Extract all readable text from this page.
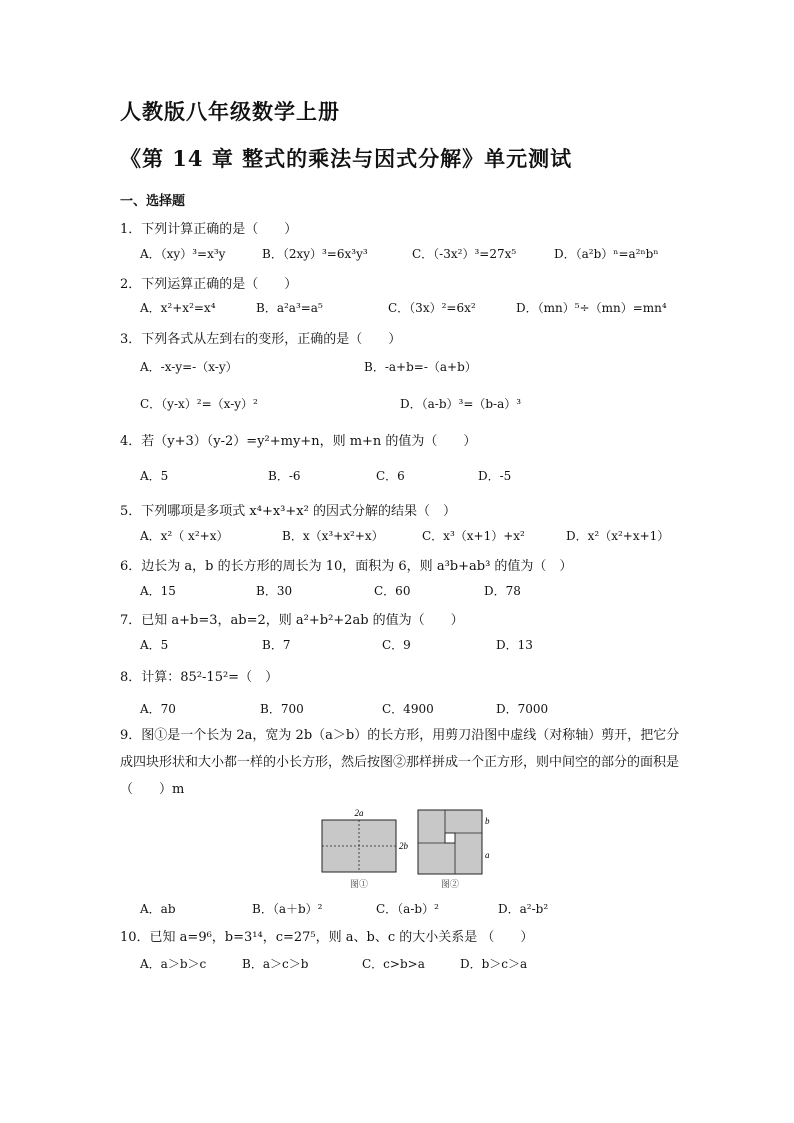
人教版八年级数学上册
《第 14 章 整式的乘法与因式分解》单元测试
一、选择题
1．下列计算正确的是（　　）
A．（xy）³=x³y	B．（2xy）³=6x³y³	C．（-3x²）³=27x⁵	D．（a²b）ⁿ=a²ⁿbⁿ
2．下列运算正确的是（　　）
A．x²+x²=x⁴	B．a²a³=a⁵	C．（3x）²=6x²	D．（mn）⁵÷（mn）=mn⁴
3．下列各式从左到右的变形，正确的是（　　）
A．-x-y=-（x-y）	B．-a+b=-（a+b）
C．（y-x）²=（x-y）²	D．（a-b）³=（b-a）³
4．若（y+3）（y-2）=y²+my+n，则 m+n 的值为（　　）
A．5	B．-6	C．6	D．-5
5．下列哪项是多项式 x⁴+x³+x² 的因式分解的结果（　）
A．x²（ x²+x）	B．x（x³+x²+x）	C．x³（x+1）+x²	D．x²（x²+x+1）
6．边长为 a，b 的长方形的周长为 10，面积为 6，则 a³b+ab³ 的值为（　）
A．15	B．30	C．60	D．78
7．已知 a+b=3，ab=2，则 a²+b²+2ab 的值为（　　）
A．5	B．7	C．9	D．13
8．计算：85²-15²=（　）
A．70	B．700	C．4900	D．7000
9．图①是一个长为 2a，宽为 2b（a＞b）的长方形，用剪刀沿图中虚线（对称轴）剪开，把它分成四块形状和大小都一样的小长方形，然后按图②那样拼成一个正方形，则中间空的部分的面积是（　　）m
2a
2b
图①
b
a
图②
A．ab	B．（a＋b）²	C．（a-b）²	D．a²-b²
10．已知 a=9⁶，b=3¹⁴，c=27⁵，则 a、b、c 的大小关系是 （　　）
A．a＞b＞c	B．a＞c＞b	C．c>b>a	D．b＞c＞a
